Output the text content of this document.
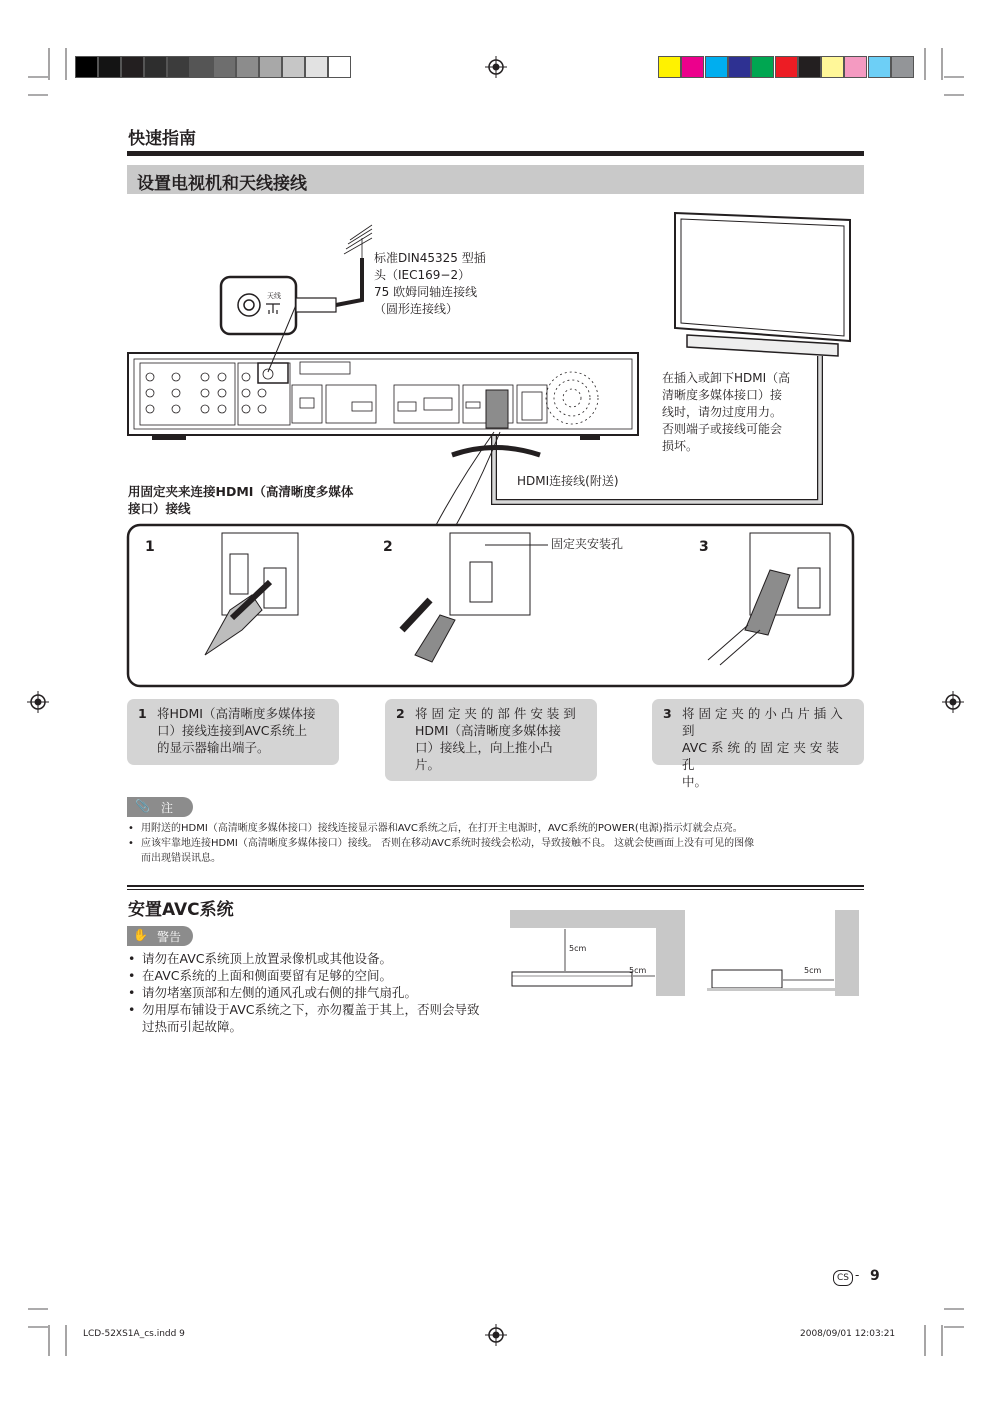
快速指南
设置电视机和天线接线
标准DIN45325 型插
头（IEC169−2）
75 欧姆同轴连接线
（圆形连接线）
天线
在插入或卸下HDMI（高
清晰度多媒体接口）接
线时，请勿过度用力。
否则端子或接线可能会
损坏。
HDMI连接线(附送)
用固定夹来连接HDMI（高清晰度多媒体
接口）接线
固定夹安装孔
1	2	3
1 将HDMI（高清晰度多媒体接
口）接线连接到AVC系统上
的显示器输出端子。
2 将 固 定 夹 的 部 件 安 装 到
HDMI（高清晰度多媒体接
口）接线上，向上推小凸
片。
3 将 固 定 夹 的 小 凸 片 插 入 到
AVC 系 统 的 固 定 夹 安 装 孔
中。
📎 注
• 用附送的HDMI（高清晰度多媒体接口）接线连接显示器和AVC系统之后，在打开主电源时，AVC系统的POWER(电源)指示灯就会点亮。
• 应该牢靠地连接HDMI（高清晰度多媒体接口）接线。 否则在移动AVC系统时接线会松动，导致接触不良。 这就会使画面上没有可见的图像
而出现错误讯息。
安置AVC系统
✋ 警告
• 请勿在AVC系统顶上放置录像机或其他设备。
• 在AVC系统的上面和侧面要留有足够的空间。
• 请勿堵塞顶部和左侧的通风孔或右侧的排气扇孔。
• 勿用厚布铺设于AVC系统之下，亦勿覆盖于其上，否则会导致
过热而引起故障。
5cm
5cm	5cm
CS - 9
LCD-52XS1A_cs.indd 9	2008/09/01 12:03:21
